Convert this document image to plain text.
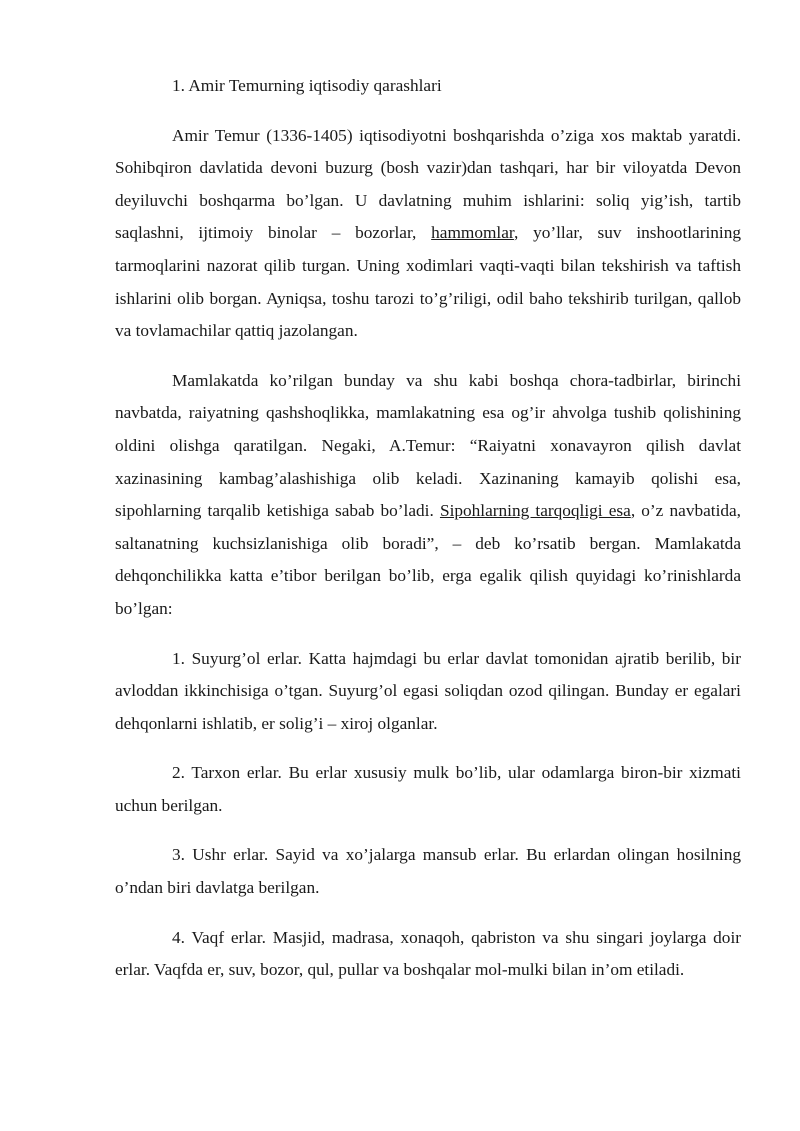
1. Amir Temurning iqtisodiy qarashlari

Amir Temur (1336-1405) iqtisodiyotni boshqarishda o’ziga xos maktab yaratdi. Sohibqiron davlatida devoni buzurg (bosh vazir)dan tashqari, har bir viloyatda Devon deyiluvchi boshqarma bo’lgan. U davlatning muhim ishlarini: soliq yig’ish, tartib saqlashni, ijtimoiy binolar – bozorlar, hammomlar, yo’llar, suv inshootlarining tarmoqlarini nazorat qilib turgan. Uning xodimlari vaqti-vaqti bilan tekshirish va taftish ishlarini olib borgan. Ayniqsa, toshu tarozi to’g’riligi, odil baho tekshirib turilgan, qallob va tovlamachilar qattiq jazolangan.

Mamlakatda ko’rilgan bunday va shu kabi boshqa chora-tadbirlar, birinchi navbatda, raiyatning qashshoqlikka, mamlakatning esa og’ir ahvolga tushib qolishining oldini olishga qaratilgan. Negaki, A.Temur: “Raiyatni xonavayron qilish davlat xazinasining kambag’alashishiga olib keladi. Xazinaning kamayib qolishi esa, sipohlarning tarqalib ketishiga sabab bo’ladi. Sipohlarning tarqoqligi esa, o’z navbatida, saltanatning kuchsizlanishiga olib boradi”, – deb ko’rsatib bergan. Mamlakatda dehqonchilikka katta e’tibor berilgan bo’lib, erga egalik qilish quyidagi ko’rinishlarda bo’lgan:

1. Suyurg’ol erlar. Katta hajmdagi bu erlar davlat tomonidan ajratib berilib, bir avloddan ikkinchisiga o’tgan. Suyurg’ol egasi soliqdan ozod qilingan. Bunday er egalari dehqonlarni ishlatib, er solig’i – xiroj olganlar.

2. Tarxon erlar. Bu erlar xususiy mulk bo’lib, ular odamlarga biron-bir xizmati uchun berilgan.

3. Ushr erlar. Sayid va xo’jalarga mansub erlar. Bu erlardan olingan hosilning o’ndan biri davlatga berilgan.

4. Vaqf erlar. Masjid, madrasa, xonaqoh, qabriston va shu singari joylarga doir erlar. Vaqfda er, suv, bozor, qul, pullar va boshqalar mol-mulki bilan in’om etiladi.
